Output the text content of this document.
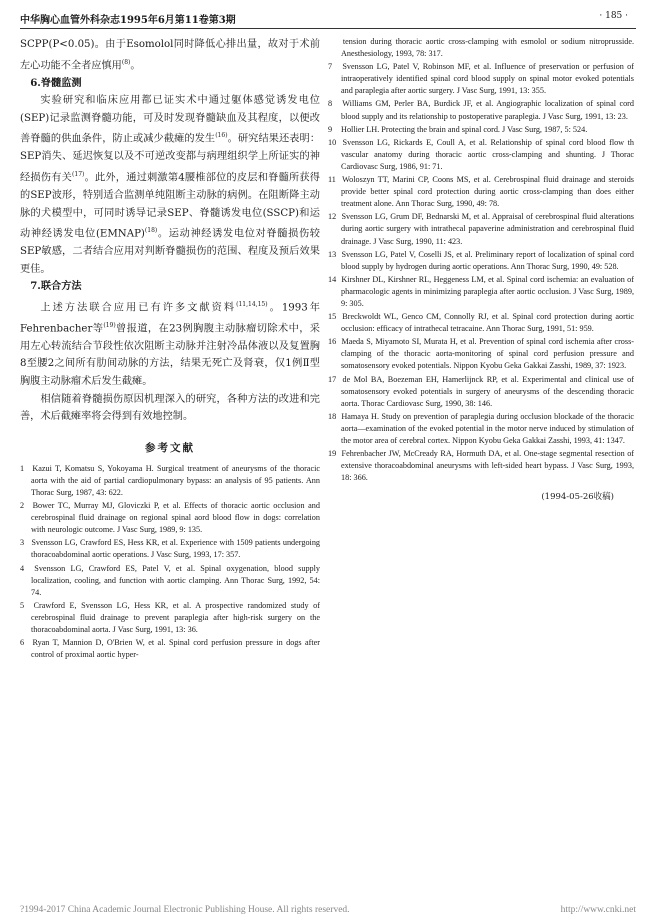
中华胸心血管外科杂志1995年6月第11卷第3期	· 185 ·

SCPP(P<0.05)。由于Esomolol同时降低心排出量，故对于术前左心功能不全者应慎用$^{(8)}$。

6.脊髓监测

实验研究和临床应用都已证实术中通过躯体感觉诱发电位(SEP)记录监测脊髓功能，可及时发现脊髓缺血及其程度，以便改善脊髓的供血条件，防止或减少截瘫的发生$^{(16)}$。研究结果还表明：SEP消失、延迟恢复以及不可逆改变都与病理组织学上所证实的神经损伤有关$^{(17)}$。此外，通过刺激第4腰椎部位的皮层和脊髓所获得的SEP波形，特别适合监测单纯阻断主动脉的病例。在阻断降主动脉的犬模型中，可同时诱导记录SEP、脊髓诱发电位(SSCP)和运动神经诱发电位(EMNAP)$^{(18)}$。运动神经诱发电位对脊髓损伤较SEP敏感，二者结合应用对判断脊髓损伤的范围、程度及预后效果更佳。

7.联合方法

上述方法联合应用已有许多文献资料$^{(11,14,15)}$。1993年Fehrenbacher等$^{(19)}$曾报道，在23例胸腹主动脉瘤切除术中，采用左心转流结合节段性依次阻断主动脉并注射冷晶体液以及复置胸8至腰2之间所有肋间动脉的方法，结果无死亡及肾衰，仅1例Ⅱ型胸腹主动脉瘤术后发生截瘫。

相信随着脊髓损伤原因机理深入的研究，各种方法的改进和完善，术后截瘫率将会得到有效地控制。

参考文献
1 Kazui T, Komatsu S, Yokoyama H. Surgical treatment of aneurysms of the thoracic aorta with the aid of partial cardiopulmonary bypass: an analysis of 95 patients. Ann Thorac Surg, 1987, 43: 622.
2 Bower TC, Murray MJ, Gloviczki P, et al. Effects of thoracic aortic occlusion and cerebrospinal fluid drainage on regional spinal aord blood flow in dogs: correlation with neurologic outcome. J Vasc Surg, 1989, 9: 135.
3 Svensson LG, Crawford ES, Hess KR, et al. Experience with 1509 patients undergoing thoracoabdominal aortic operations. J Vasc Surg, 1993, 17: 357.
4 Svensson LG, Crawford ES, Patel V, et al. Spinal oxygenation, blood supply localization, cooling, and function with aortic clamping. Ann Thorac Surg, 1992, 54: 74.
5 Crawford E, Svensson LG, Hess KR, et al. A prospective randomized study of cerebrospinal fluid drainage to prevent paraplegia after high-risk surgery on the thoracoabdominal aorta. J Vasc Surg, 1991, 13: 36.
6 Ryan T, Mannion D, O'Brien W, et al. Spinal cord perfusion pressure in dogs after control of proximal aortic hyper-
tension during thoracic aortic cross-clamping with esmolol or sodium nitroprusside. Anesthesiology, 1993, 78: 317.
7 Svensson LG, Patel V, Robinson MF, et al. Influence of preservation or perfusion of intraoperatively identified spinal cord blood supply on spinal motor evoked potentials and paraplegia after aortic surgery. J Vasc Surg, 1991, 13: 355.
8 Williams GM, Perler BA, Burdick JF, et al. Angiographic localization of spinal cord blood supply and its relationship to postoperative paraplegia. J Vasc Surg, 1991, 13: 23.
9 Hollier LH. Protecting the brain and spinal cord. J Vasc Surg, 1987, 5: 524.
10 Svensson LG, Rickards E, Coull A, et al. Relationship of spinal cord blood flow th vascular anatomy during thoracic aortic cross-clamping and shunting. J Thorac Cardiovasc Surg, 1986, 91: 71.
11 Woloszyn TT, Marini CP, Coons MS, et al. Cerebrospinal fluid drainage and steroids provide better spinal cord protection during aortic cross-clamping than does either treatment alone. Ann Thorac Surg, 1990, 49: 78.
12 Svensson LG, Grum DF, Bednarski M, et al. Appraisal of cerebrospinal fluid alterations during aortic surgery with intrathecal papaverine administration and cerebrospinal fluid drainage. J Vasc Surg, 1990, 11: 423.
13 Svensson LG, Patel V, Coselli JS, et al. Preliminary report of localization of spinal cord blood supply by hydrogen during aortic operations. Ann Thorac Surg, 1990, 49: 528.
14 Kirshner DL, Kirshner RL, Heggeness LM, et al. Spinal cord ischemia: an evaluation of pharmacologic agents in minimizing paraplegia after aortic occlusion. J Vasc Surg, 1989, 9: 305.
15 Breckwoldt WL, Genco CM, Connolly RJ, et al. Spinal cord protection during aortic occlusion: efficacy of intrathecal tetracaine. Ann Thorac Surg, 1991, 51: 959.
16 Maeda S, Miyamoto SI, Murata H, et al. Prevention of spinal cord ischemia after cross-clamping of the thoracic aorta-monitoring of spinal cord perfusion pressure and somatosensory evoked potentials. Nippon Kyobu Geka Gakkai Zasshi, 1989, 37: 1923.
17 de Mol BA, Boezeman EH, Hamerlijnck RP, et al. Experimental and clinical use of somatosensory evoked potentials in surgery of aneurysms of the descending thoracic aorta. Thorac Cardiovasc Surg, 1990, 38: 146.
18 Hamaya H. Study on prevention of paraplegia during occlusion blockade of the thoracic aorta—examination of the evoked potential in the motor nerve induced by stimulation of the motor area of cerebral cortex. Nippon Kyobu Geka Gakkai Zasshi, 1993, 41: 1347.
19 Fehrenbacher JW, McCready RA, Hormuth DA, et al. One-stage segmental resection of extensive thoracoabdominal aneurysms with left-sided heart bypass. J Vasc Surg, 1993, 18: 366.
(1994-05-26收稿)
?1994-2017 China Academic Journal Electronic Publishing House. All rights reserved.	http://www.cnki.net
